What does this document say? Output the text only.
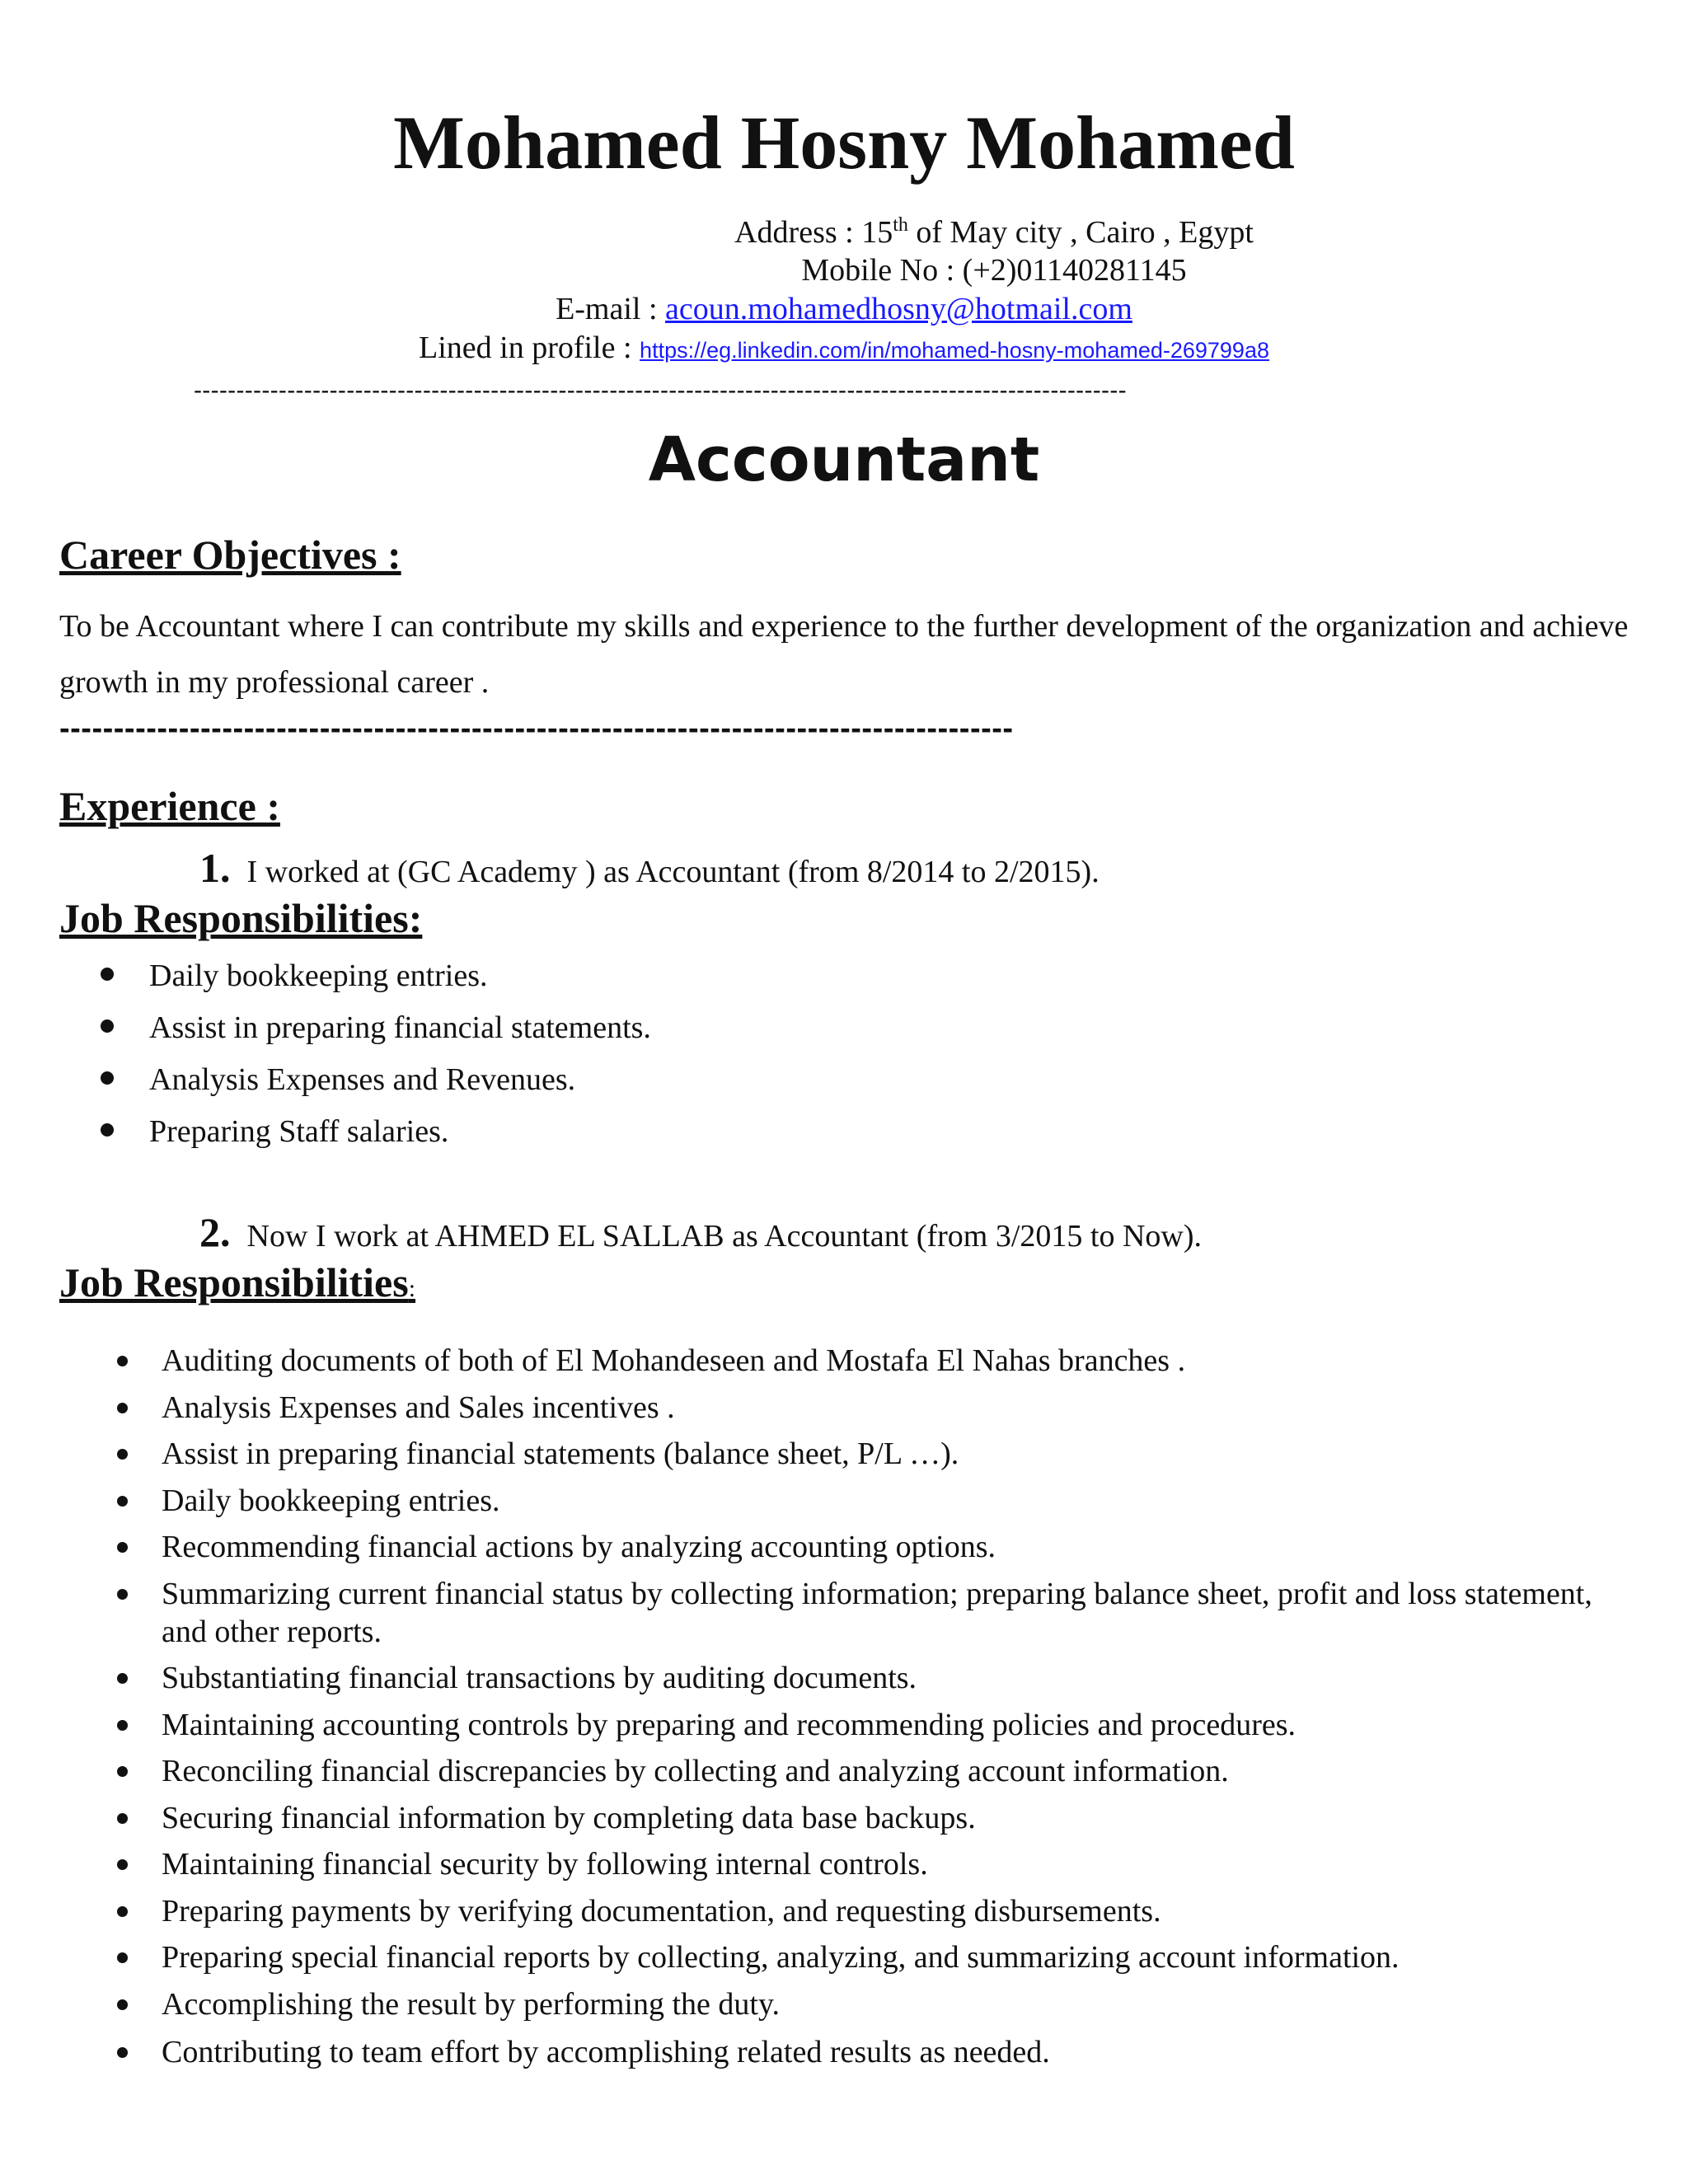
Mohamed Hosny Mohamed
Address : 15th of May city , Cairo , Egypt
Mobile No : (+2)01140281145
E-mail : acoun.mohamedhosny@hotmail.com
Lined in profile : https://eg.linkedin.com/in/mohamed-hosny-mohamed-269799a8
--------------------------------------------------------------------------------------------------------------
Accountant
Career Objectives :
To be Accountant where I can contribute my skills and experience to the further development of the organization and achieve growth in my professional career .
----------------------------------------------------------------------------------------
Experience :
1. I worked at (GC Academy ) as Accountant (from 8/2014 to 2/2015).
Job Responsibilities:
Daily bookkeeping entries.
Assist in preparing financial statements.
Analysis Expenses and Revenues.
Preparing Staff salaries.
2. Now I work at AHMED EL SALLAB as Accountant (from 3/2015 to Now).
Job Responsibilities:
Auditing documents of both of El Mohandeseen and Mostafa El Nahas branches .
Analysis Expenses and Sales incentives .
Assist in preparing financial statements (balance sheet, P/L …).
Daily bookkeeping entries.
Recommending financial actions by analyzing accounting options.
Summarizing current financial status by collecting information; preparing balance sheet, profit and loss statement, and other reports.
Substantiating financial transactions by auditing documents.
Maintaining accounting controls by preparing and recommending policies and procedures.
Reconciling financial discrepancies by collecting and analyzing account information.
Securing financial information by completing data base backups.
Maintaining financial security by following internal controls.
Preparing payments by verifying documentation, and requesting disbursements.
Preparing special financial reports by collecting, analyzing, and summarizing account information.
Accomplishing the result by performing the duty.
Contributing to team effort by accomplishing related results as needed.
